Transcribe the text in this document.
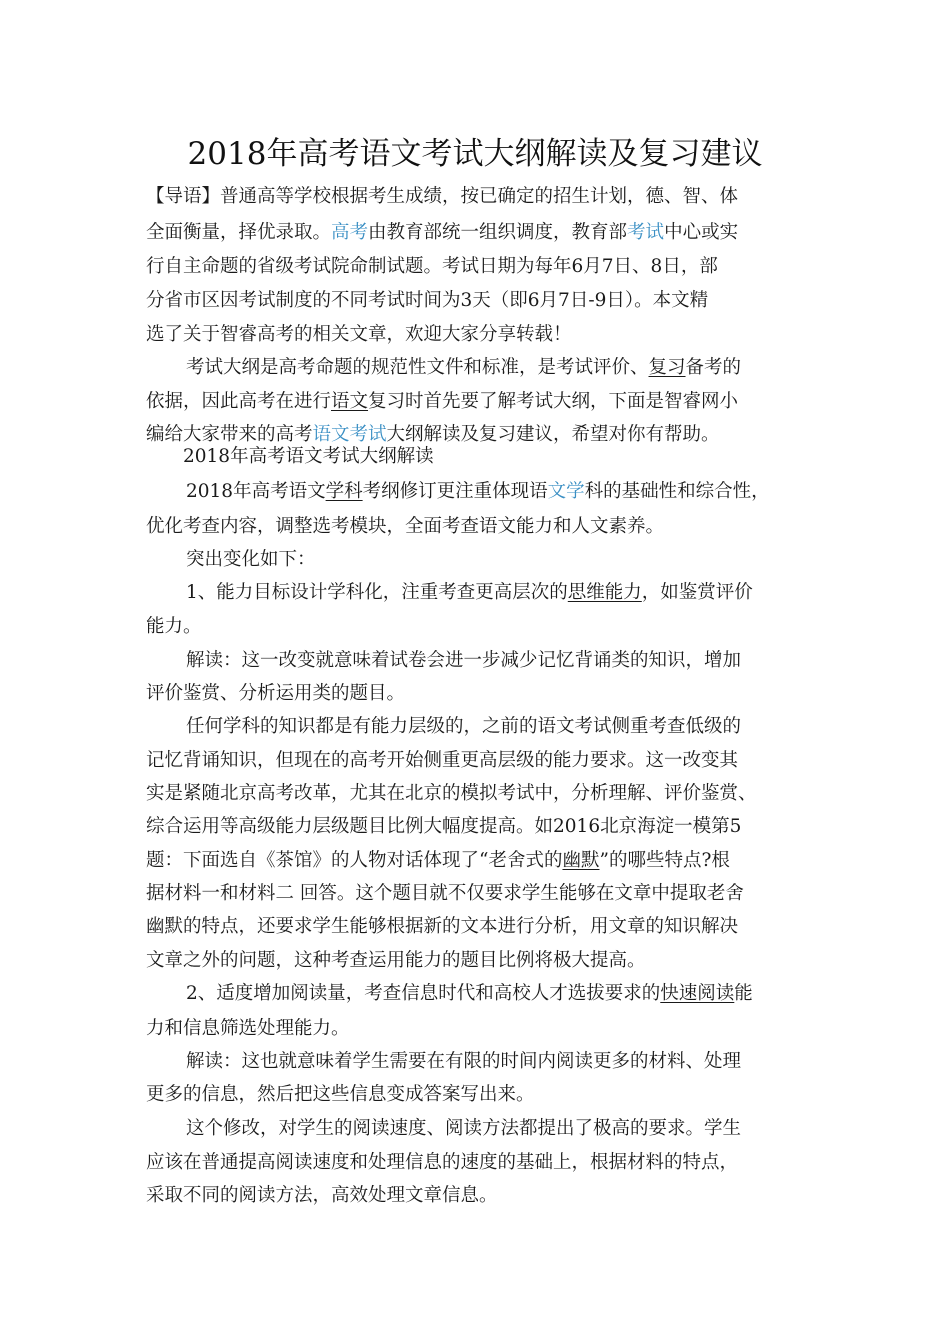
2018年高考语文考试大纲解读及复习建议
【导语】普通高等学校根据考生成绩，按已确定的招生计划，德、智、体
全面衡量，择优录取。高考由教育部统一组织调度，教育部考试中心或实
行自主命题的省级考试院命制试题。考试日期为每年6月7日、8日，部
分省市区因考试制度的不同考试时间为3天（即6月7日-9日）。本文精
选了关于智睿高考的相关文章，欢迎大家分享转载！
考试大纲是高考命题的规范性文件和标准，是考试评价、复习备考的
依据，因此高考在进行语文复习时首先要了解考试大纲，下面是智睿网小
编给大家带来的高考语文考试大纲解读及复习建议，希望对你有帮助。
2018年高考语文考试大纲解读
2018年高考语文学科考纲修订更注重体现语文学科的基础性和综合性，
优化考查内容，调整选考模块，全面考查语文能力和人文素养。
突出变化如下：
1、能力目标设计学科化，注重考查更高层次的思维能力，如鉴赏评价
能力。
解读：这一改变就意味着试卷会进一步减少记忆背诵类的知识，增加
评价鉴赏、分析运用类的题目。
任何学科的知识都是有能力层级的，之前的语文考试侧重考查低级的
记忆背诵知识，但现在的高考开始侧重更高层级的能力要求。这一改变其
实是紧随北京高考改革，尤其在北京的模拟考试中，分析理解、评价鉴赏、
综合运用等高级能力层级题目比例大幅度提高。如2016北京海淀一模第5
题：下面选自《茶馆》的人物对话体现了“老舍式的幽默”的哪些特点?根
据材料一和材料二 回答。这个题目就不仅要求学生能够在文章中提取老舍
幽默的特点，还要求学生能够根据新的文本进行分析，用文章的知识解决
文章之外的问题，这种考查运用能力的题目比例将极大提高。
2、适度增加阅读量，考查信息时代和高校人才选拔要求的快速阅读能
力和信息筛选处理能力。
解读：这也就意味着学生需要在有限的时间内阅读更多的材料、处理
更多的信息，然后把这些信息变成答案写出来。
这个修改，对学生的阅读速度、阅读方法都提出了极高的要求。学生
应该在普通提高阅读速度和处理信息的速度的基础上，根据材料的特点，
采取不同的阅读方法，高效处理文章信息。
